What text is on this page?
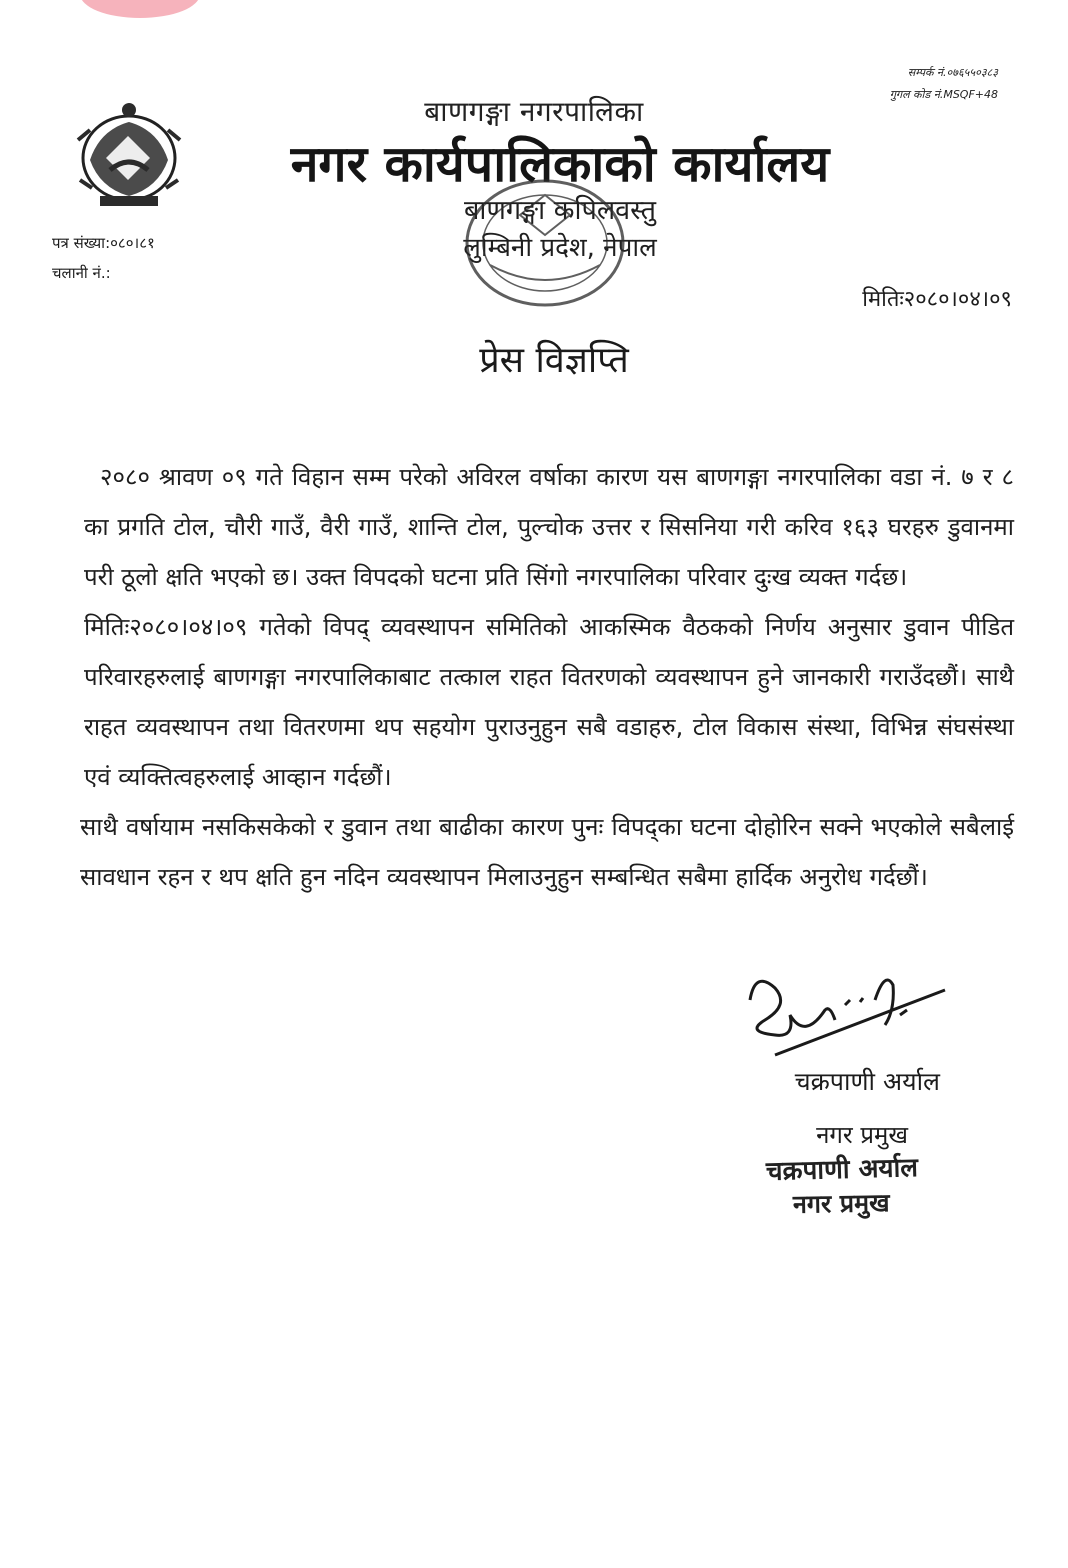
सम्पर्क नं.०७६५५०३८३
गुगल कोड नं.MSQF+48
बाणगङ्गा नगरपालिका
नगर कार्यपालिकाको कार्यालय
बाणगङ्गा कपिलवस्तु
लुम्बिनी प्रदेश, नेपाल
पत्र संख्या:०८०।८१
चलानी नं.:
मितिः२०८०।०४।०९
प्रेस विज्ञप्ति

२०८० श्रावण ०९ गते विहान सम्म परेको अविरल वर्षाका कारण यस बाणगङ्गा नगरपालिका वडा नं. ७ र ८ का प्रगति टोल, चौरी गाउँ, वैरी गाउँ, शान्ति टोल, पुल्चोक उत्तर र सिसनिया गरी करिव १६३ घरहरु डुवानमा परी ठूलो क्षति भएको छ। उक्त विपदको घटना प्रति सिंगो नगरपालिका परिवार दुःख व्यक्त गर्दछ।

मितिः२०८०।०४।०९ गतेको विपद् व्यवस्थापन समितिको आकस्मिक वैठकको निर्णय अनुसार डुवान पीडित परिवारहरुलाई बाणगङ्गा नगरपालिकाबाट तत्काल राहत वितरणको व्यवस्थापन हुने जानकारी गराउँदछौं। साथै राहत व्यवस्थापन तथा वितरणमा थप सहयोग पुराउनुहुन सबै वडाहरु, टोल विकास संस्था, विभिन्न संघसंस्था एवं व्यक्तित्वहरुलाई आव्हान गर्दछौं।

साथै वर्षायाम नसकिसकेको र डुवान तथा बाढीका कारण पुनः विपद्का घटना दोहोरिन सक्ने भएकोले सबैलाई सावधान रहन र थप क्षति हुन नदिन व्यवस्थापन मिलाउनुहुन सम्बन्धित सबैमा हार्दिक अनुरोध गर्दछौं।

चक्रपाणी अर्याल
नगर प्रमुख
चक्रपाणी अर्याल
नगर प्रमुख
